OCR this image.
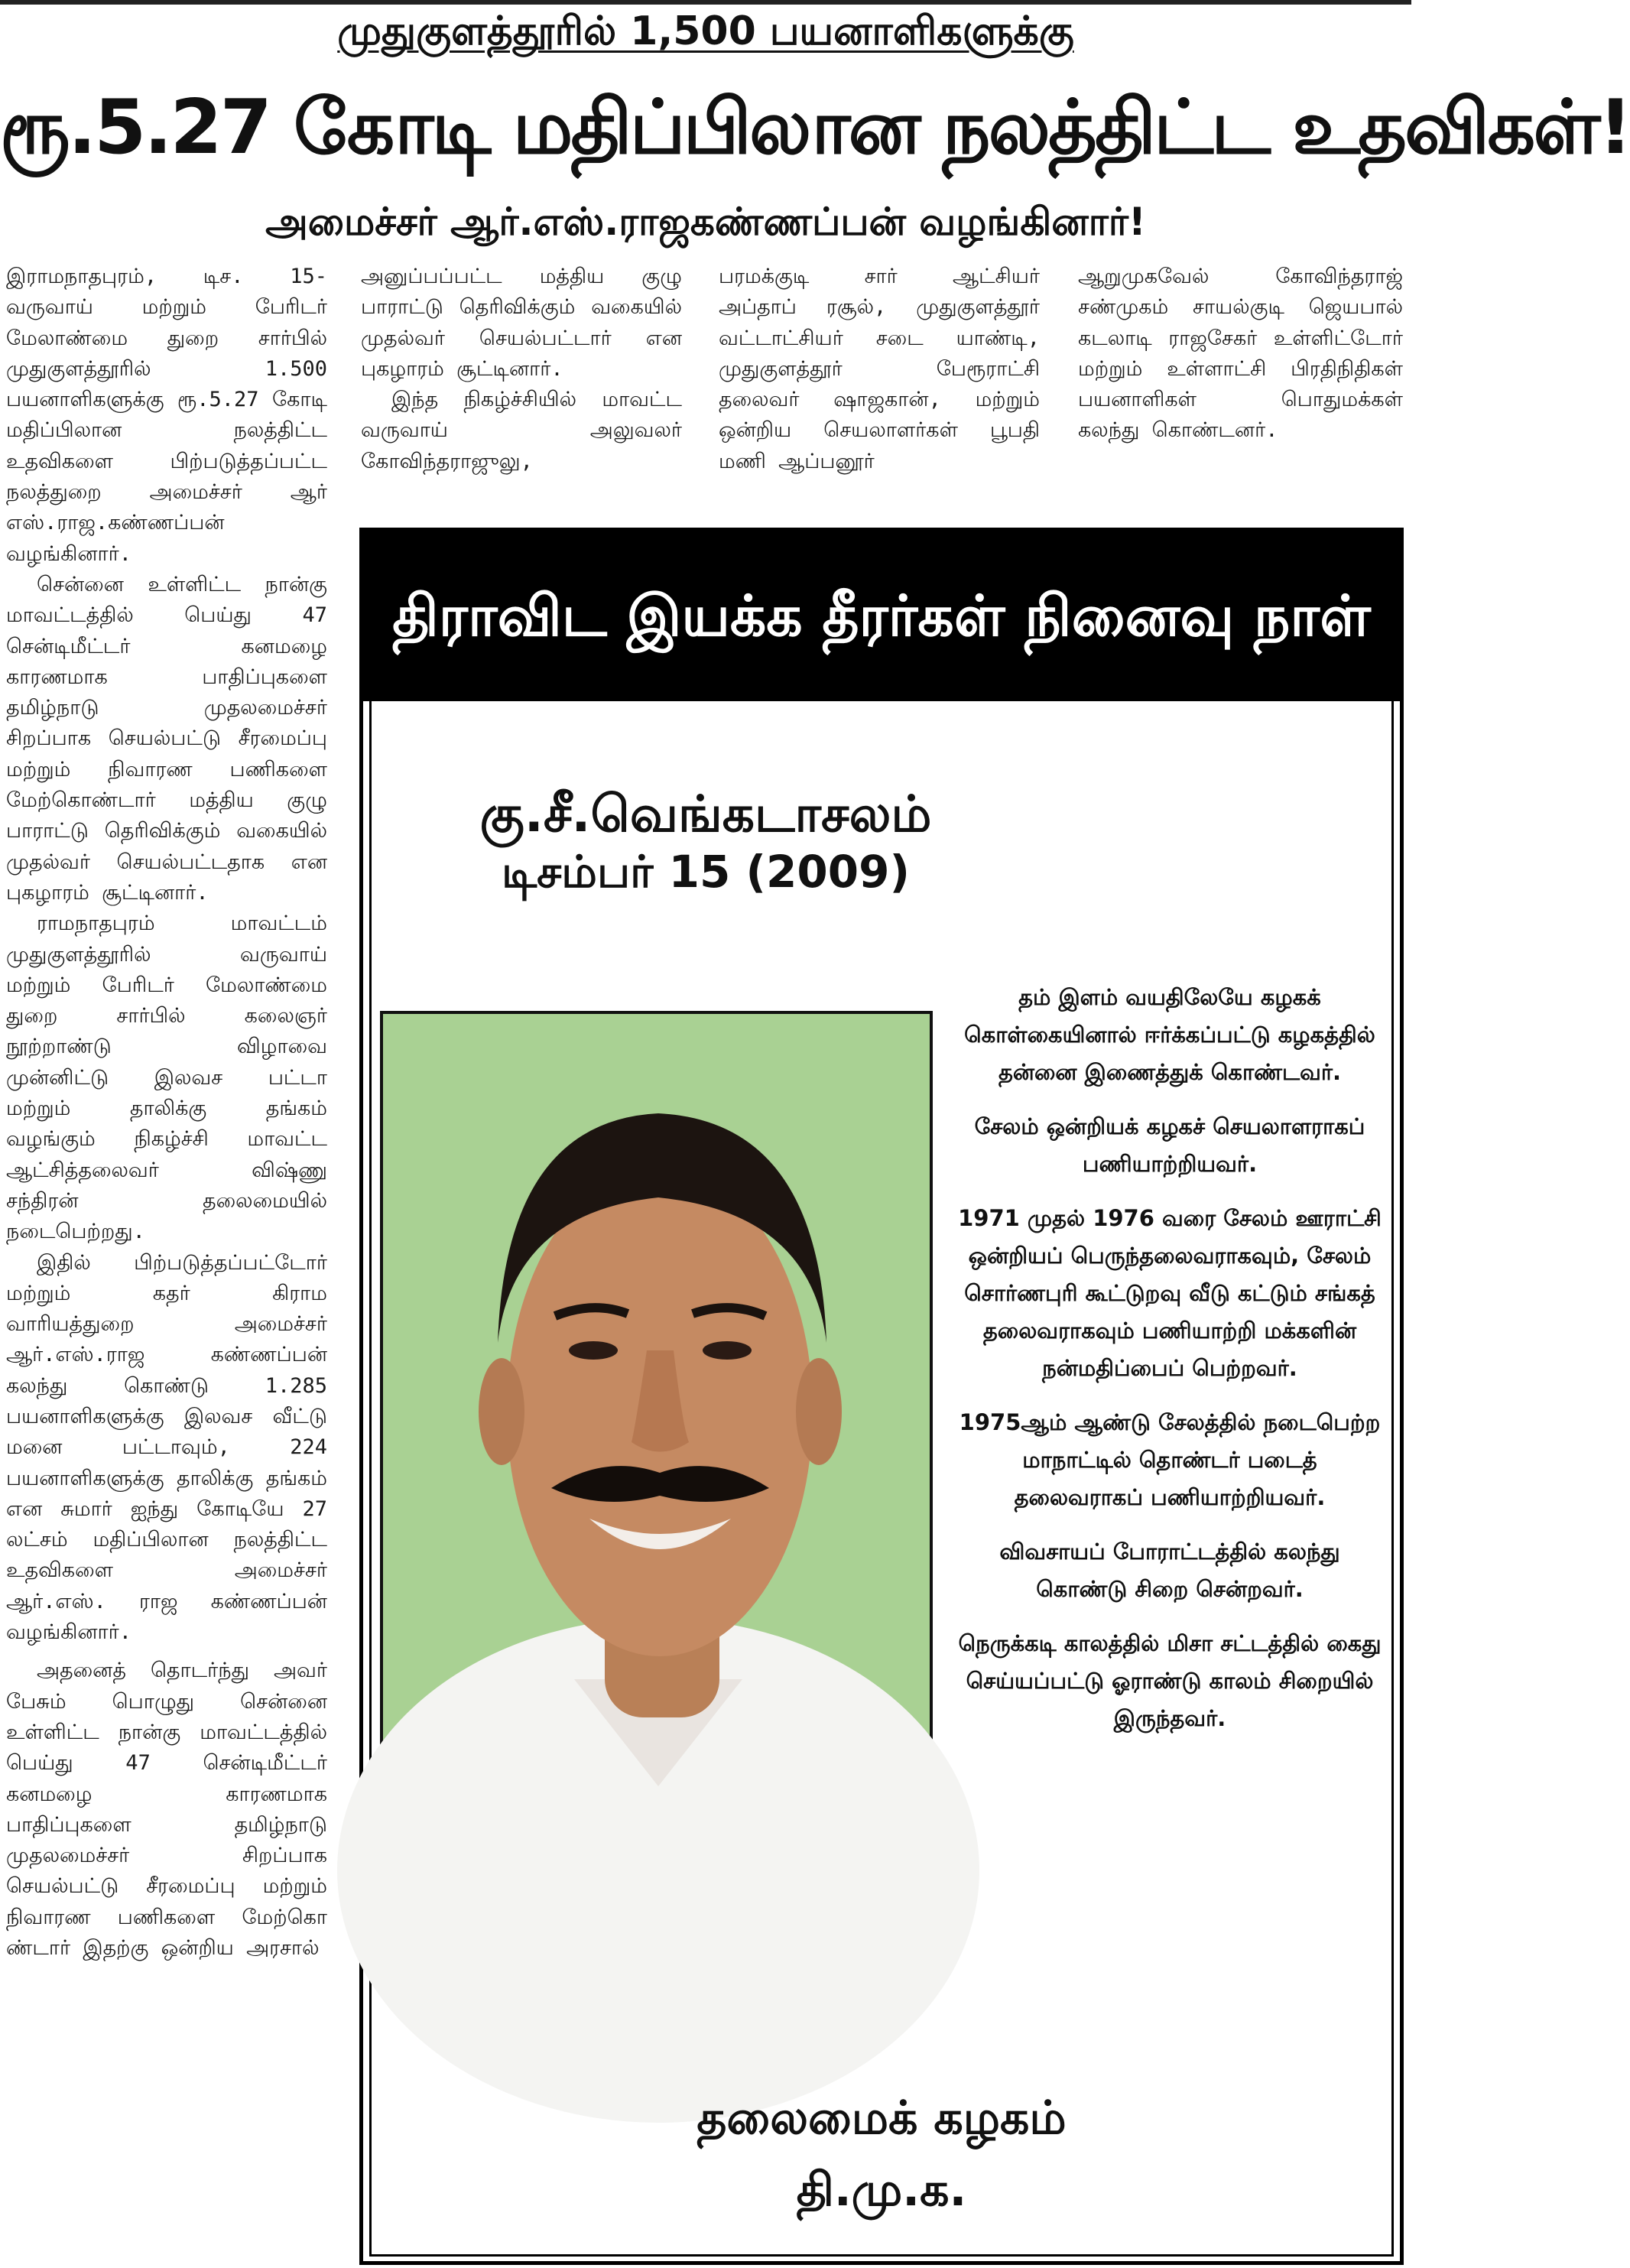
முதுகுளத்தூரில் 1,500 பயனாளிகளுக்கு
ரூ.5.27 கோடி மதிப்பிலான நலத்திட்ட உதவிகள்!
அமைச்சர் ஆர்.எஸ்.ராஜகண்ணப்பன் வழங்கினார்!

இராமநாதபுரம், டிச. 15- வருவாய் மற்றும் பேரிடர் மேலாண்மை துறை சார்பில் முதுகுளத்தூரில் 1.500 பயனாளிகளுக்கு ரூ.5.27 கோடி மதிப்பிலான நலத்திட்ட உதவிகளை பிற்படுத்தப்பட்ட நலத்துறை அமைச்சர் ஆர் எஸ்.ராஜ.கண்ணப்பன் வழங்கினார்.

சென்னை உள்ளிட்ட நான்கு மாவட்டத்தில் பெய்து 47 சென்டிமீட்டர் கனமழை காரணமாக பாதிப்புகளை தமிழ்நாடு முதலமைச்சர் சிறப்பாக செயல்பட்டு சீரமைப்பு மற்றும் நிவாரண பணிகளை மேற்கொண்டார் மத்திய குழு பாராட்டு தெரிவிக்கும் வகையில் முதல்வர் செயல்பட்டதாக என புகழாரம் சூட்டினார்.

ராமநாதபுரம் மாவட்டம் முதுகுளத்தூரில் வருவாய் மற்றும் பேரிடர் மேலாண்மை துறை சார்பில் கலைஞர் நூற்றாண்டு விழாவை முன்னிட்டு இலவச பட்டா மற்றும் தாலிக்கு தங்கம் வழங்கும் நிகழ்ச்சி மாவட்ட ஆட்சித்தலைவர் விஷ்ணு சந்திரன் தலைமையில் நடைபெற்றது.

இதில் பிற்படுத்தப்பட்டோர் மற்றும் கதர் கிராம வாரியத்துறை அமைச்சர் ஆர்.எஸ்.ராஜ கண்ணப்பன் கலந்து கொண்டு 1.285 பயனாளிகளுக்கு இலவச வீட்டு மனை பட்டாவும், 224 பயனாளிகளுக்கு தாலிக்கு தங்கம் என சுமார் ஐந்து கோடியே 27 லட்சம் மதிப்பிலான நலத்திட்ட உதவிகளை அமைச்சர் ஆர்.எஸ். ராஜ கண்ணப்பன் வழங்கினார்.

அதனைத் தொடர்ந்து அவர் பேசும் பொழுது சென்னை உள்ளிட்ட நான்கு மாவட்டத்தில் பெய்து 47 சென்டிமீட்டர் கனமழை காரணமாக பாதிப்புகளை தமிழ்நாடு முதலமைச்சர் சிறப்பாக செயல்பட்டு சீரமைப்பு மற்றும் நிவாரண பணிகளை மேற்கொ ண்டார் இதற்கு ஒன்றிய அரசால்

அனுப்பப்பட்ட மத்திய குழு பாராட்டு தெரிவிக்கும் வகையில் முதல்வர் செயல்பட்டார் என புகழாரம் சூட்டினார்.

இந்த நிகழ்ச்சியில் மாவட்ட வருவாய் அலுவலர் கோவிந்தராஜுலு,

பரமக்குடி சார் ஆட்சியர் அப்தாப் ரசூல், முதுகுளத்தூர் வட்டாட்சியர் சடை யாண்டி, முதுகுளத்தூர் பேரூராட்சி தலைவர் ஷாஜகான், மற்றும் ஒன்றிய செயலாளர்கள் பூபதி மணி ஆப்பனூர்

ஆறுமுகவேல் கோவிந்தராஜ் சண்முகம் சாயல்குடி ஜெயபால் கடலாடி ராஜசேகர் உள்ளிட்டோர் மற்றும் உள்ளாட்சி பிரதிநிதிகள் பயனாளிகள் பொதுமக்கள் கலந்து கொண்டனர்.

திராவிட இயக்க தீரர்கள் நினைவு நாள்
கு.சீ.வெங்கடாசலம்
டிசம்பர் 15 (2009)

தம் இளம் வயதிலேயே கழகக் கொள்கையினால் ஈர்க்கப்பட்டு கழகத்தில் தன்னை இணைத்துக் கொண்டவர்.

சேலம் ஒன்றியக் கழகச் செயலாளராகப் பணியாற்றியவர்.

1971 முதல் 1976 வரை சேலம் ஊராட்சி ஒன்றியப் பெருந்தலைவராகவும், சேலம் சொர்ணபுரி கூட்டுறவு வீடு கட்டும் சங்கத் தலைவராகவும் பணியாற்றி மக்களின் நன்மதிப்பைப் பெற்றவர்.

1975ஆம் ஆண்டு சேலத்தில் நடைபெற்ற மாநாட்டில் தொண்டர் படைத் தலைவராகப் பணியாற்றியவர்.

விவசாயப் போராட்டத்தில் கலந்து கொண்டு சிறை சென்றவர்.

நெருக்கடி காலத்தில் மிசா சட்டத்தில் கைது செய்யப்பட்டு ஓராண்டு காலம் சிறையில் இருந்தவர்.

தலைமைக் கழகம்
தி.மு.க.
